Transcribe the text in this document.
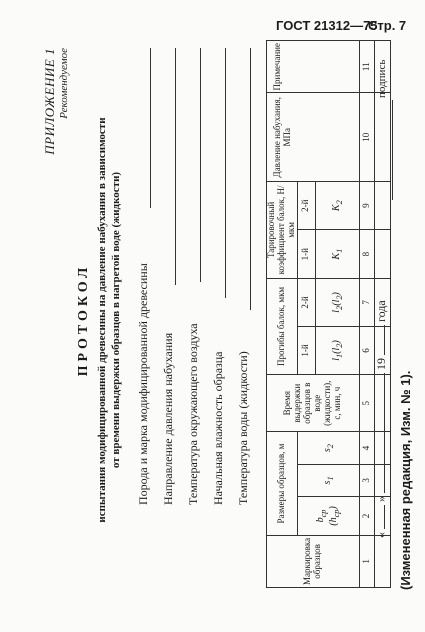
ГОСТ 21312—75
Стр. 7
ПРИЛОЖЕНИЕ 1 Рекомендуемое
ПРОТОКОЛ испытания модифицированной древесины на давление набухания в зависимости от времени выдержки образцов в нагретой воде (жидкости) Порода и марка модифицированной древесины Направление давления набухания Температура окружающего воздуха Начальная влажность образца Температура воды (жидкости)
Маркировка образцов	Размеры образцов, м			Время выдержки образцов в воде (жидкости), с, мин, ч	Прогибы балок, мкм		Тарировочный коэффициент балок, Н/мкм		Давление набухания, МПа	Примечание
	$b_{ср}$ $(h_{ср})$	$s_1$	$s_2$		1-й	2-й	1-й	2-й		
					$l_1(l_2)$	$l_2(l_2)$	$K_1$	$K_2$
1	2	3	4	5	6	7	8	9	10	11

«  »  19  года
подпись
(Измененная редакция, Изм. № 1).
